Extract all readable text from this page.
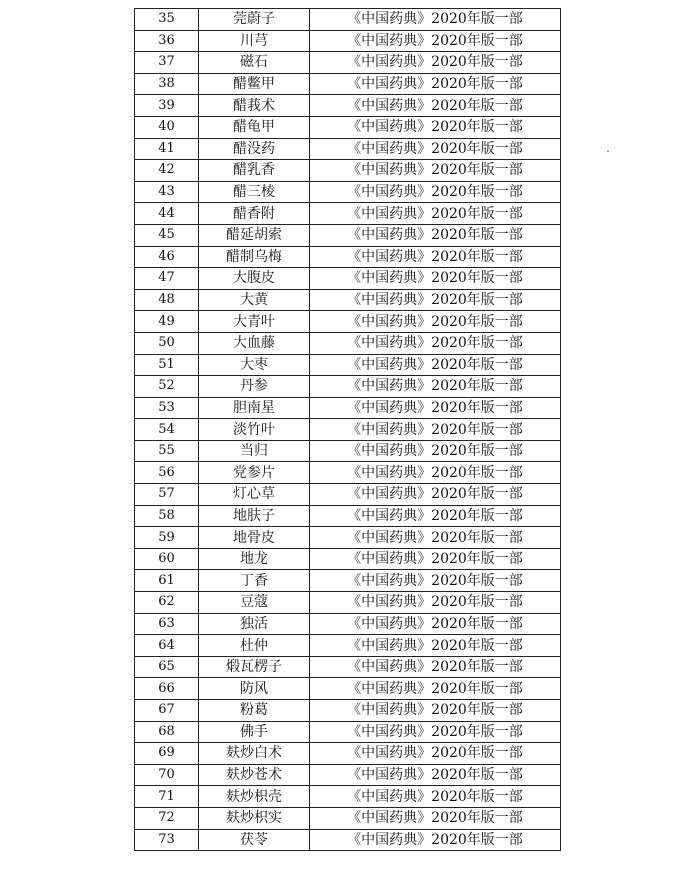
35	莞蔚子	《中国药典》2020年版一部
36	川芎	《中国药典》2020年版一部
37	磁石	《中国药典》2020年版一部
38	醋鳖甲	《中国药典》2020年版一部
39	醋莪术	《中国药典》2020年版一部
40	醋龟甲	《中国药典》2020年版一部
41	醋没药	《中国药典》2020年版一部
42	醋乳香	《中国药典》2020年版一部
43	醋三棱	《中国药典》2020年版一部
44	醋香附	《中国药典》2020年版一部
45	醋延胡索	《中国药典》2020年版一部
46	醋制乌梅	《中国药典》2020年版一部
47	大腹皮	《中国药典》2020年版一部
48	大黄	《中国药典》2020年版一部
49	大青叶	《中国药典》2020年版一部
50	大血藤	《中国药典》2020年版一部
51	大枣	《中国药典》2020年版一部
52	丹参	《中国药典》2020年版一部
53	胆南星	《中国药典》2020年版一部
54	淡竹叶	《中国药典》2020年版一部
55	当归	《中国药典》2020年版一部
56	党参片	《中国药典》2020年版一部
57	灯心草	《中国药典》2020年版一部
58	地肤子	《中国药典》2020年版一部
59	地骨皮	《中国药典》2020年版一部
60	地龙	《中国药典》2020年版一部
61	丁香	《中国药典》2020年版一部
62	豆蔻	《中国药典》2020年版一部
63	独活	《中国药典》2020年版一部
64	杜仲	《中国药典》2020年版一部
65	煅瓦楞子	《中国药典》2020年版一部
66	防风	《中国药典》2020年版一部
67	粉葛	《中国药典》2020年版一部
68	佛手	《中国药典》2020年版一部
69	麸炒白术	《中国药典》2020年版一部
70	麸炒苍术	《中国药典》2020年版一部
71	麸炒枳壳	《中国药典》2020年版一部
72	麸炒枳实	《中国药典》2020年版一部
73	茯苓	《中国药典》2020年版一部
